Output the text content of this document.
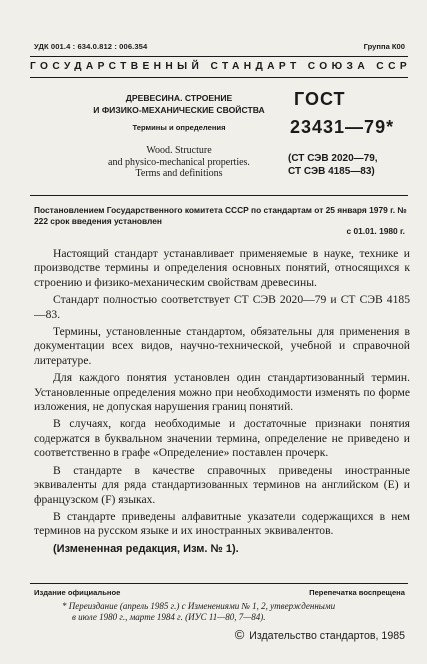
УДК 001.4 : 634.0.812 : 006.354	Группа К00
ГОСУДАРСТВЕННЫЙ СТАНДАРТ СОЮЗА ССР
ДРЕВЕСИНА. СТРОЕНИЕ
И ФИЗИКО-МЕХАНИЧЕСКИЕ СВОЙСТВА
Термины и определения
Wood. Structure
and physico-mechanical properties.
Terms and definitions
ГОСТ
23431—79*
(СТ СЭВ 2020—79,
СТ СЭВ 4185—83)
Постановлением Государственного комитета СССР по стандартам от 25 января 1979 г. № 222 срок введения установлен
с 01.01. 1980 г.

Настоящий стандарт устанавливает применяемые в науке, технике и производстве термины и определения основных понятий, относящихся к строению и физико-механическим свойствам древесины.

Стандарт полностью соответствует СТ СЭВ 2020—79 и СТ СЭВ 4185—83.

Термины, установленные стандартом, обязательны для применения в документации всех видов, научно-технической, учебной и справочной литературе.

Для каждого понятия установлен один стандартизованный термин. Установленные определения можно при необходимости изменять по форме изложения, не допуская нарушения границ понятий.

В случаях, когда необходимые и достаточные признаки понятия содержатся в буквальном значении термина, определение не приведено и соответственно в графе «Определение» поставлен прочерк.

В стандарте в качестве справочных приведены иностранные эквиваленты для ряда стандартизованных терминов на английском (E) и французском (F) языках.

В стандарте приведены алфавитные указатели содержащихся в нем терминов на русском языке и их иностранных эквивалентов.

(Измененная редакция, Изм. № 1).

Издание официальное	Перепечатка воспрещена
* Переиздание (апрель 1985 г.) с Изменениями № 1, 2, утвержденными
в июле 1980 г., марте 1984 г. (ИУС 11—80, 7—84).
© Издательство стандартов, 1985
